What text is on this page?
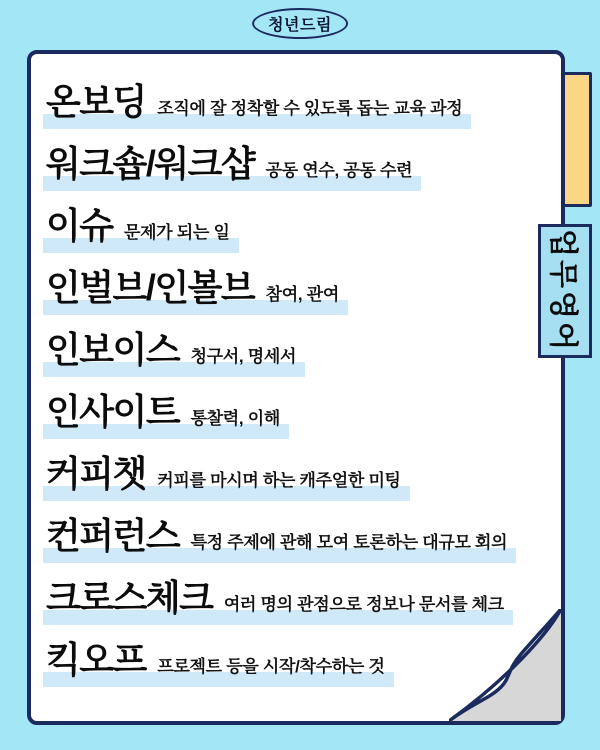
청년드림
온보딩 조직에 잘 정착할 수 있도록 돕는 교육 과정
워크숍/워크샵 공동 연수, 공동 수련
이슈 문제가 되는 일
인벌브/인볼브 참여, 관여
인보이스 청구서, 명세서
인사이트 통찰력, 이해
커피챗 커피를 마시며 하는 캐주얼한 미팅
컨퍼런스 특정 주제에 관해 모여 토론하는 대규모 회의
크로스체크 여러 명의 관점으로 정보나 문서를 체크
킥오프 프로젝트 등을 시작/착수하는 것
업무영어
